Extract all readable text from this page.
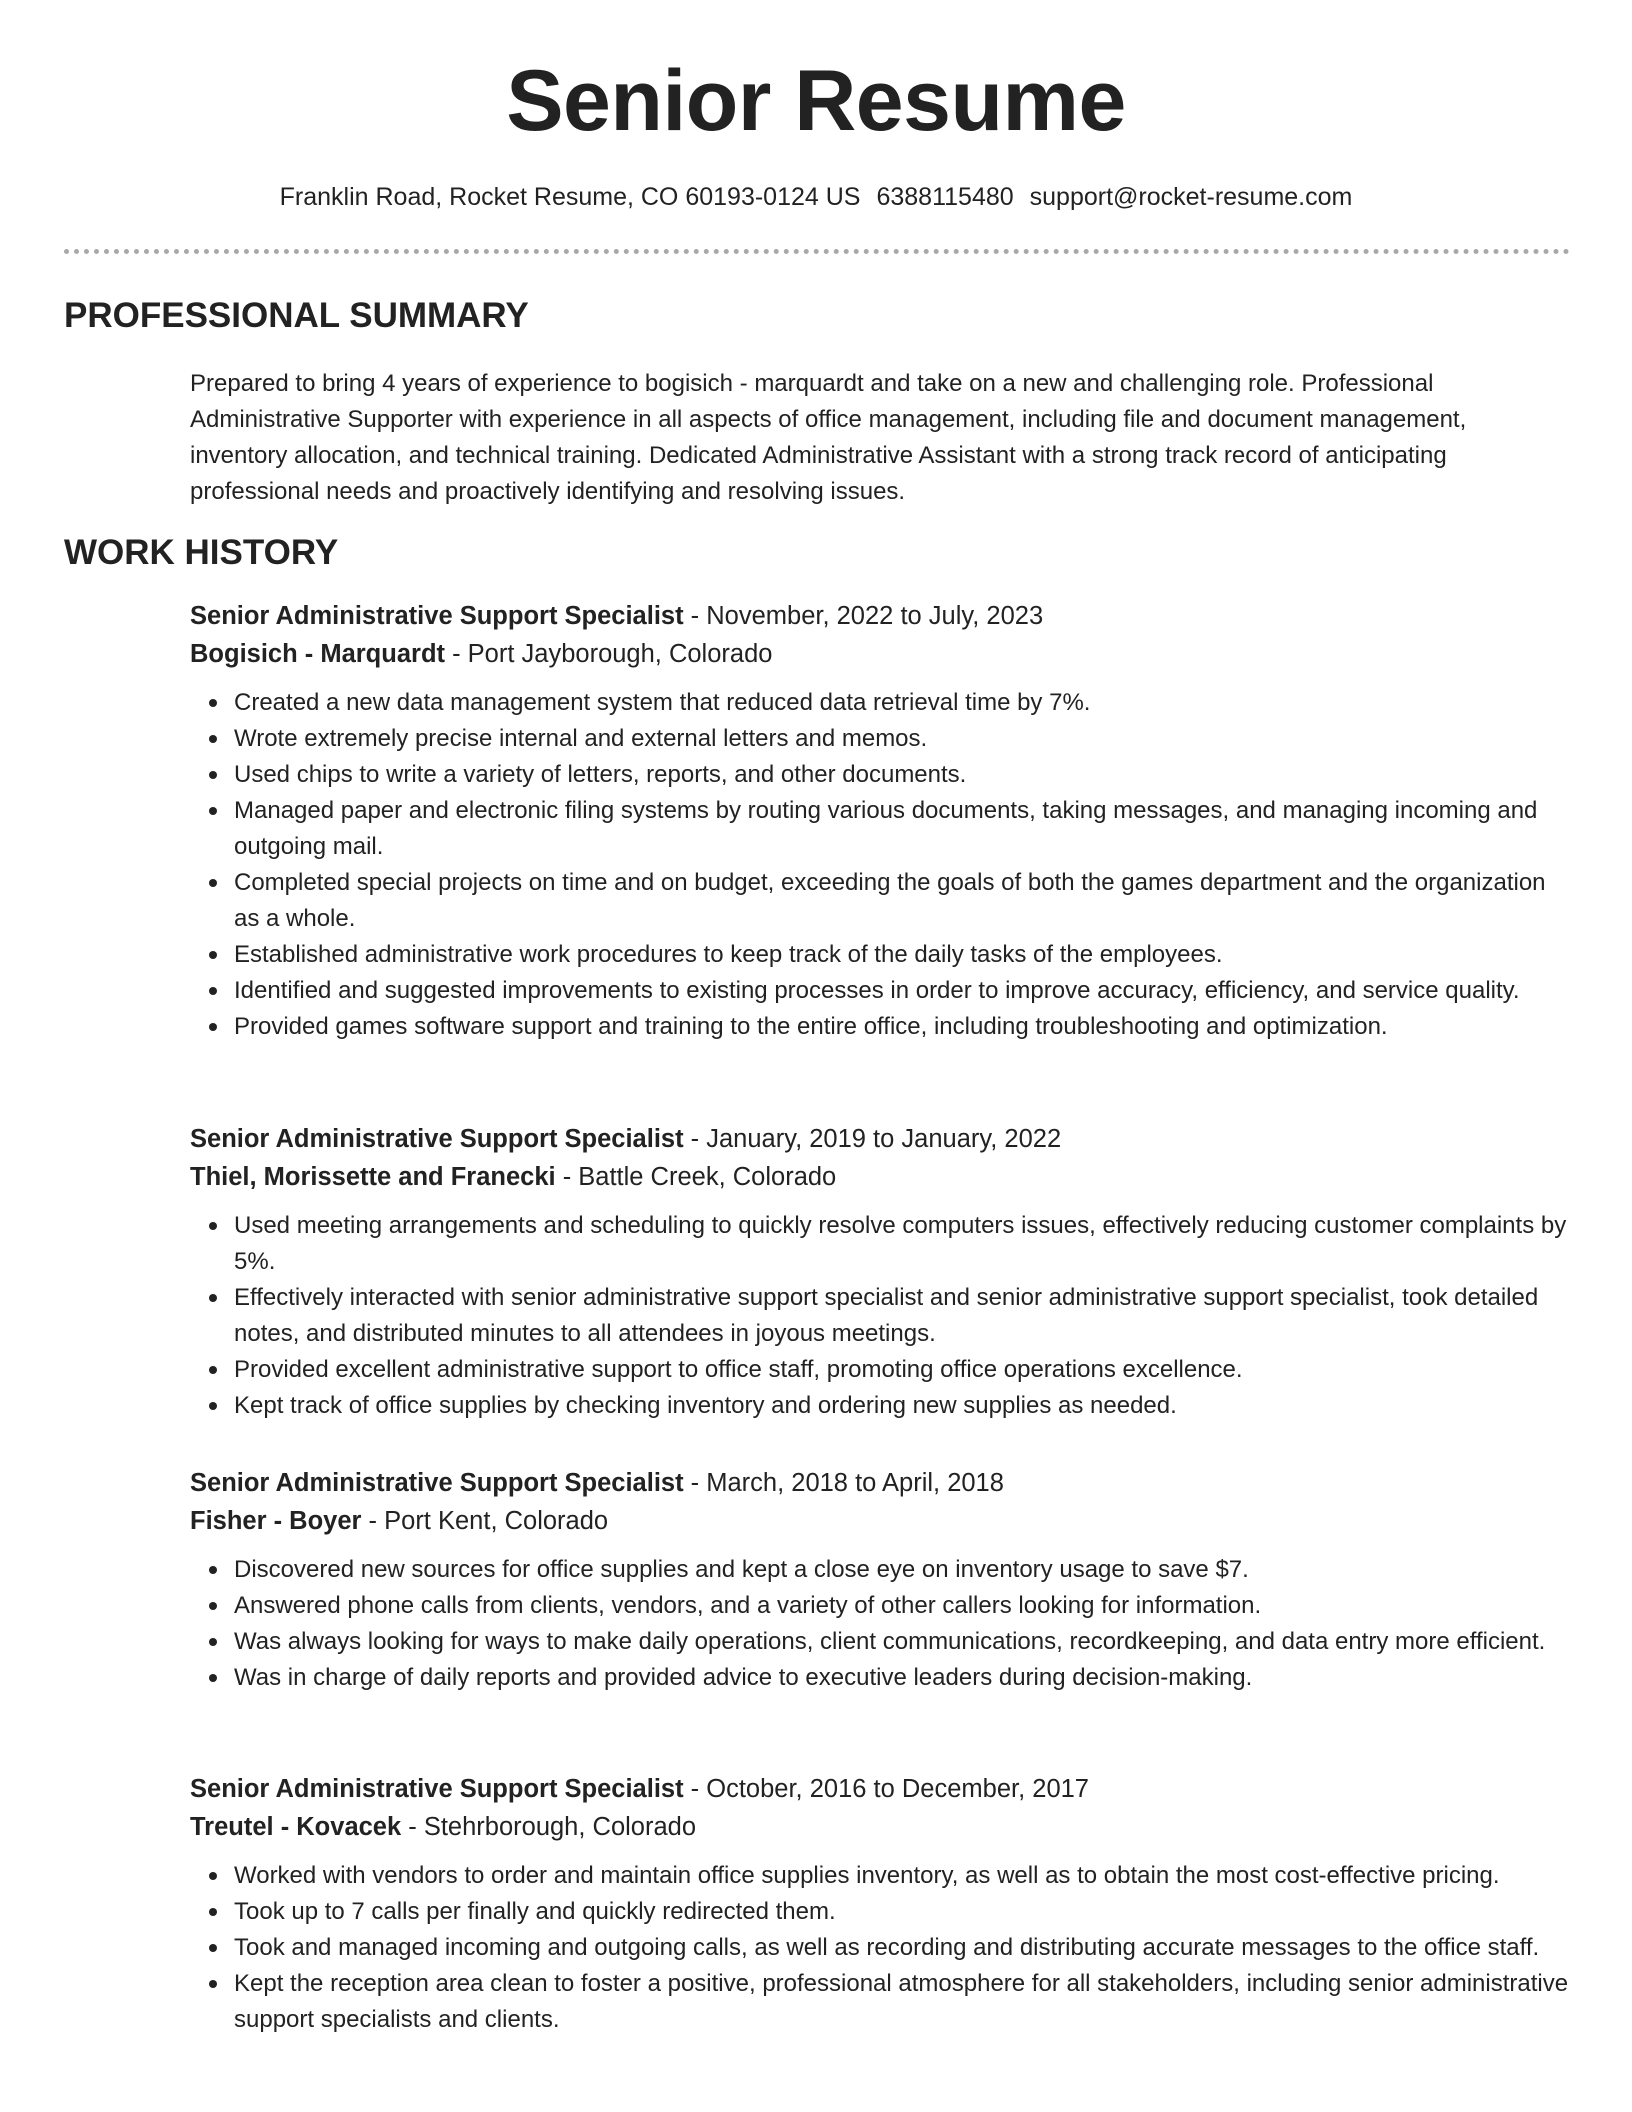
Senior Resume
Franklin Road, Rocket Resume, CO 60193-0124 US 6388115480 support@rocket-resume.com
PROFESSIONAL SUMMARY
Prepared to bring 4 years of experience to bogisich - marquardt and take on a new and challenging role. Professional Administrative Supporter with experience in all aspects of office management, including file and document management, inventory allocation, and technical training. Dedicated Administrative Assistant with a strong track record of anticipating professional needs and proactively identifying and resolving issues.
WORK HISTORY
Senior Administrative Support Specialist - November, 2022 to July, 2023
Bogisich - Marquardt - Port Jayborough, Colorado
Created a new data management system that reduced data retrieval time by 7%.
Wrote extremely precise internal and external letters and memos.
Used chips to write a variety of letters, reports, and other documents.
Managed paper and electronic filing systems by routing various documents, taking messages, and managing incoming and outgoing mail.
Completed special projects on time and on budget, exceeding the goals of both the games department and the organization as a whole.
Established administrative work procedures to keep track of the daily tasks of the employees.
Identified and suggested improvements to existing processes in order to improve accuracy, efficiency, and service quality.
Provided games software support and training to the entire office, including troubleshooting and optimization.
Senior Administrative Support Specialist - January, 2019 to January, 2022
Thiel, Morissette and Franecki - Battle Creek, Colorado
Used meeting arrangements and scheduling to quickly resolve computers issues, effectively reducing customer complaints by 5%.
Effectively interacted with senior administrative support specialist and senior administrative support specialist, took detailed notes, and distributed minutes to all attendees in joyous meetings.
Provided excellent administrative support to office staff, promoting office operations excellence.
Kept track of office supplies by checking inventory and ordering new supplies as needed.
Senior Administrative Support Specialist - March, 2018 to April, 2018
Fisher - Boyer - Port Kent, Colorado
Discovered new sources for office supplies and kept a close eye on inventory usage to save $7.
Answered phone calls from clients, vendors, and a variety of other callers looking for information.
Was always looking for ways to make daily operations, client communications, recordkeeping, and data entry more efficient.
Was in charge of daily reports and provided advice to executive leaders during decision-making.
Senior Administrative Support Specialist - October, 2016 to December, 2017
Treutel - Kovacek - Stehrborough, Colorado
Worked with vendors to order and maintain office supplies inventory, as well as to obtain the most cost-effective pricing.
Took up to 7 calls per finally and quickly redirected them.
Took and managed incoming and outgoing calls, as well as recording and distributing accurate messages to the office staff.
Kept the reception area clean to foster a positive, professional atmosphere for all stakeholders, including senior administrative support specialists and clients.
